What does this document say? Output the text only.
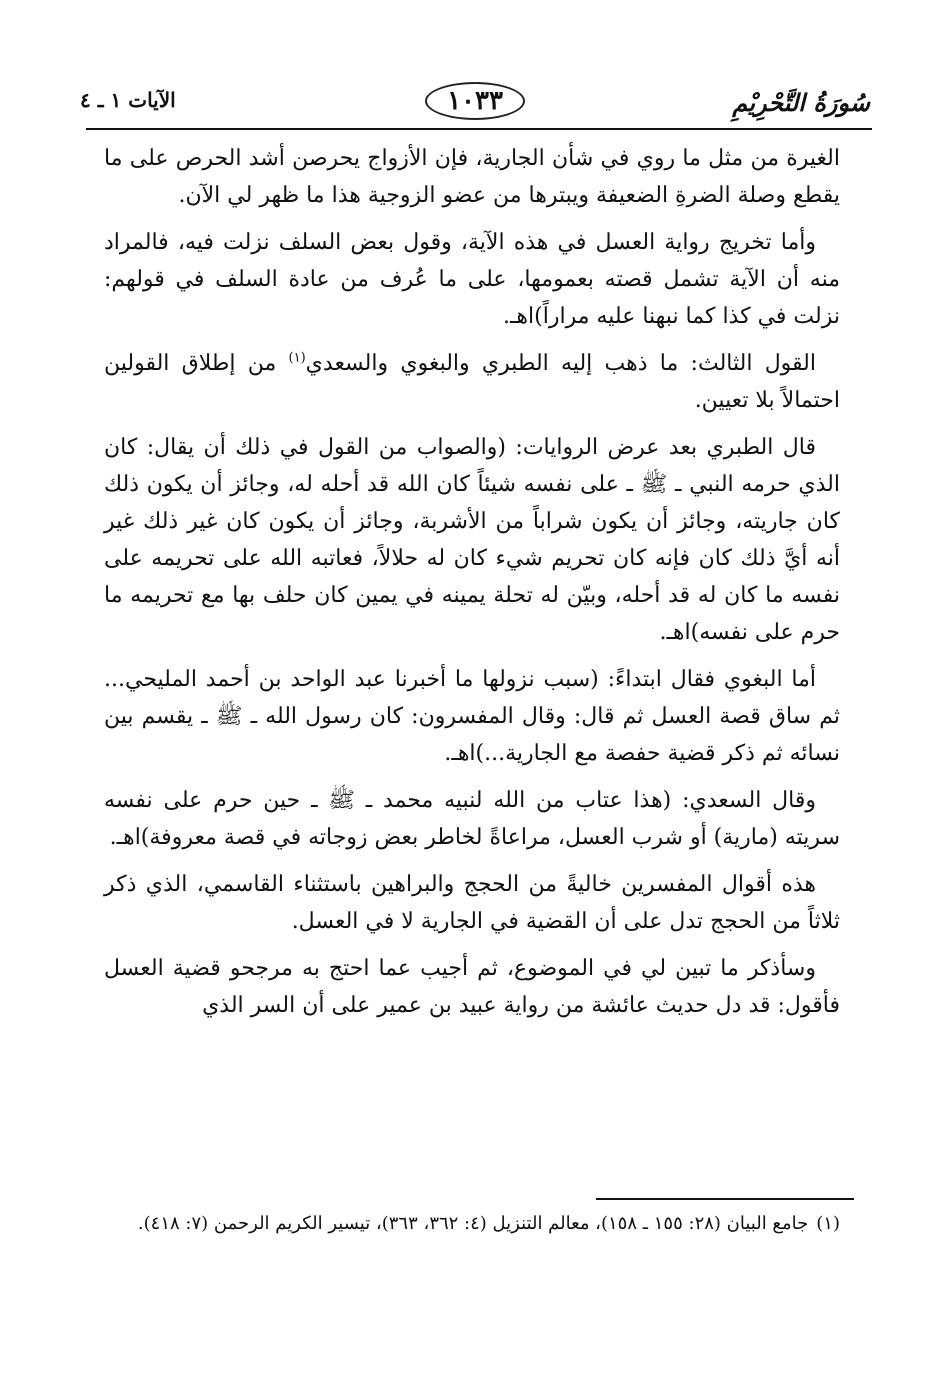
سُورَةُ التَّحْرِيْمِ
١٠٣٣
الآيات ١ ـ ٤

الغيرة من مثل ما روي في شأن الجارية، فإن الأزواج يحرصن أشد الحرص على ما يقطع وصلة الضرةِ الضعيفة ويبترها من عضو الزوجية هذا ما ظهر لي الآن.

وأما تخريج رواية العسل في هذه الآية، وقول بعض السلف نزلت فيه، فالمراد منه أن الآية تشمل قصته بعمومها، على ما عُرف من عادة السلف في قولهم: نزلت في كذا كما نبهنا عليه مراراً)اهـ.

القول الثالث: ما ذهب إليه الطبري والبغوي والسعدي$^{(١)}$ من إطلاق القولين احتمالاً بلا تعيين.

قال الطبري بعد عرض الروايات: (والصواب من القول في ذلك أن يقال: كان الذي حرمه النبي ـ ﷺ ـ على نفسه شيئاً كان الله قد أحله له، وجائز أن يكون ذلك كان جاريته، وجائز أن يكون شراباً من الأشربة، وجائز أن يكون كان غير ذلك غير أنه أيَّ ذلك كان فإنه كان تحريم شيء كان له حلالاً، فعاتبه الله على تحريمه على نفسه ما كان له قد أحله، وبيّن له تحلة يمينه في يمين كان حلف بها مع تحريمه ما حرم على نفسه)اهـ.

أما البغوي فقال ابتداءً: (سبب نزولها ما أخبرنا عبد الواحد بن أحمد المليحي... ثم ساق قصة العسل ثم قال: وقال المفسرون: كان رسول الله ـ ﷺ ـ يقسم بين نسائه ثم ذكر قضية حفصة مع الجارية...)اهـ.

وقال السعدي: (هذا عتاب من الله لنبيه محمد ـ ﷺ ـ حين حرم على نفسه سريته (مارية) أو شرب العسل، مراعاةً لخاطر بعض زوجاته في قصة معروفة)اهـ.

هذه أقوال المفسرين خاليةً من الحجج والبراهين باستثناء القاسمي، الذي ذكر ثلاثاً من الحجج تدل على أن القضية في الجارية لا في العسل.

وسأذكر ما تبين لي في الموضوع، ثم أجيب عما احتج به مرجحو قضية العسل فأقول: قد دل حديث عائشة من رواية عبيد بن عمير على أن السر الذي

(١)جامع البيان (٢٨: ١٥٥ ـ ١٥٨)، معالم التنزيل (٤: ٣٦٢، ٣٦٣)، تيسير الكريم الرحمن (٧: ٤١٨).
